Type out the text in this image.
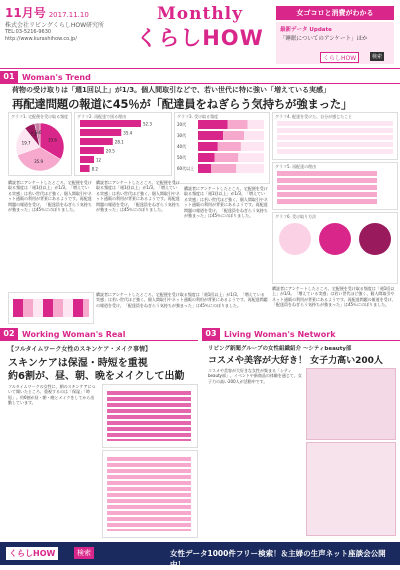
11月号 2017.11.10
株式会社リビングくらしHOW研究所
TEL:03-5216-9630
http://www.kurashihow.co.jp/
Monthly
くらしHOW
女ゴコロと消費がわかる
最新データ Update
「睡眠についてのアンケート」ほか
くらしHOW	検索
01 Woman's Trend
荷物の受け取りは「週1回以上」が1/3。個人間取引などで、若い世代に特に強い「増えている実感」
再配達問題の報道に45％が「配達員をねぎらう気持ちが強まった」
グラフ1. 宅配便を受け取る頻度
33.6
35.9
19.7
7.2
3.6
グラフ2. 再配達で困る理由
52.3
35.4
28.1
20.5
12
8.2
グラフ3. 受け取る頻度
20代
30代
40代
50代
60代以上
グラフ4. 配達を受けた、自分が感じたこと
グラフ5. 再配達の理由
グラフ6. 受け取り方法
購読者にアンケートしたところ、宅配便を受け取る頻度は「週1回以上」が1/3。「増えている実感」は若い世代ほど強く、個人間取引やネット通販の利用が背景にあるようです。再配達問題の報道を受け、「配達員をねぎらう気持ちが強まった」は45％にのぼりました。
購読者にアンケートしたところ、宅配便を受け取る頻度は「週1回以上」が1/3。「増えている実感」は若い世代ほど強く、個人間取引やネット通販の利用が背景にあるようです。再配達問題の報道を受け、「配達員をねぎらう気持ちが強まった」は45％にのぼりました。
購読者にアンケートしたところ、宅配便を受け取る頻度は「週1回以上」が1/3。「増えている実感」は若い世代ほど強く、個人間取引やネット通販の利用が背景にあるようです。再配達問題の報道を受け、「配達員をねぎらう気持ちが強まった」は45％にのぼりました。
購読者にアンケートしたところ、宅配便を受け取る頻度は「週1回以上」が1/3。「増えている実感」は若い世代ほど強く、個人間取引やネット通販の利用が背景にあるようです。再配達問題の報道を受け、「配達員をねぎらう気持ちが強まった」は45％にのぼりました。
購読者にアンケートしたところ、宅配便を受け取る頻度は「週1回以上」が1/3。「増えている実感」は若い世代ほど強く、個人間取引やネット通販の利用が背景にあるようです。再配達問題の報道を受け、「配達員をねぎらう気持ちが強まった」は45％にのぼりました。
02 Working Woman's Real
【フルタイムワーク女性のスキンケア・メイク事情】
スキンケアは保湿・時短を重視
約6割が、昼、朝、晩をメイクして出勤
フルタイムワークの女性に、朝のスキンケアについて聞いたところ、重視するのは「保湿」「時短」。約6割が昼・朝・晩とメイクをしてから出勤しています。
03 Living Woman's Network
リビング新聞グループの女性組織紹介 ～シティbeauty部
コスメや美容が大好き！ 女子力高い200人
コスメや美容が大好きな女性が集まる「シティbeauty部」。イベントや新商品の体験を通じて、女子力の高い200人が活動中です。
くらしHOW	検索	女性データ1000件フリー検索！＆主婦の生声ネット座談会公開中！
